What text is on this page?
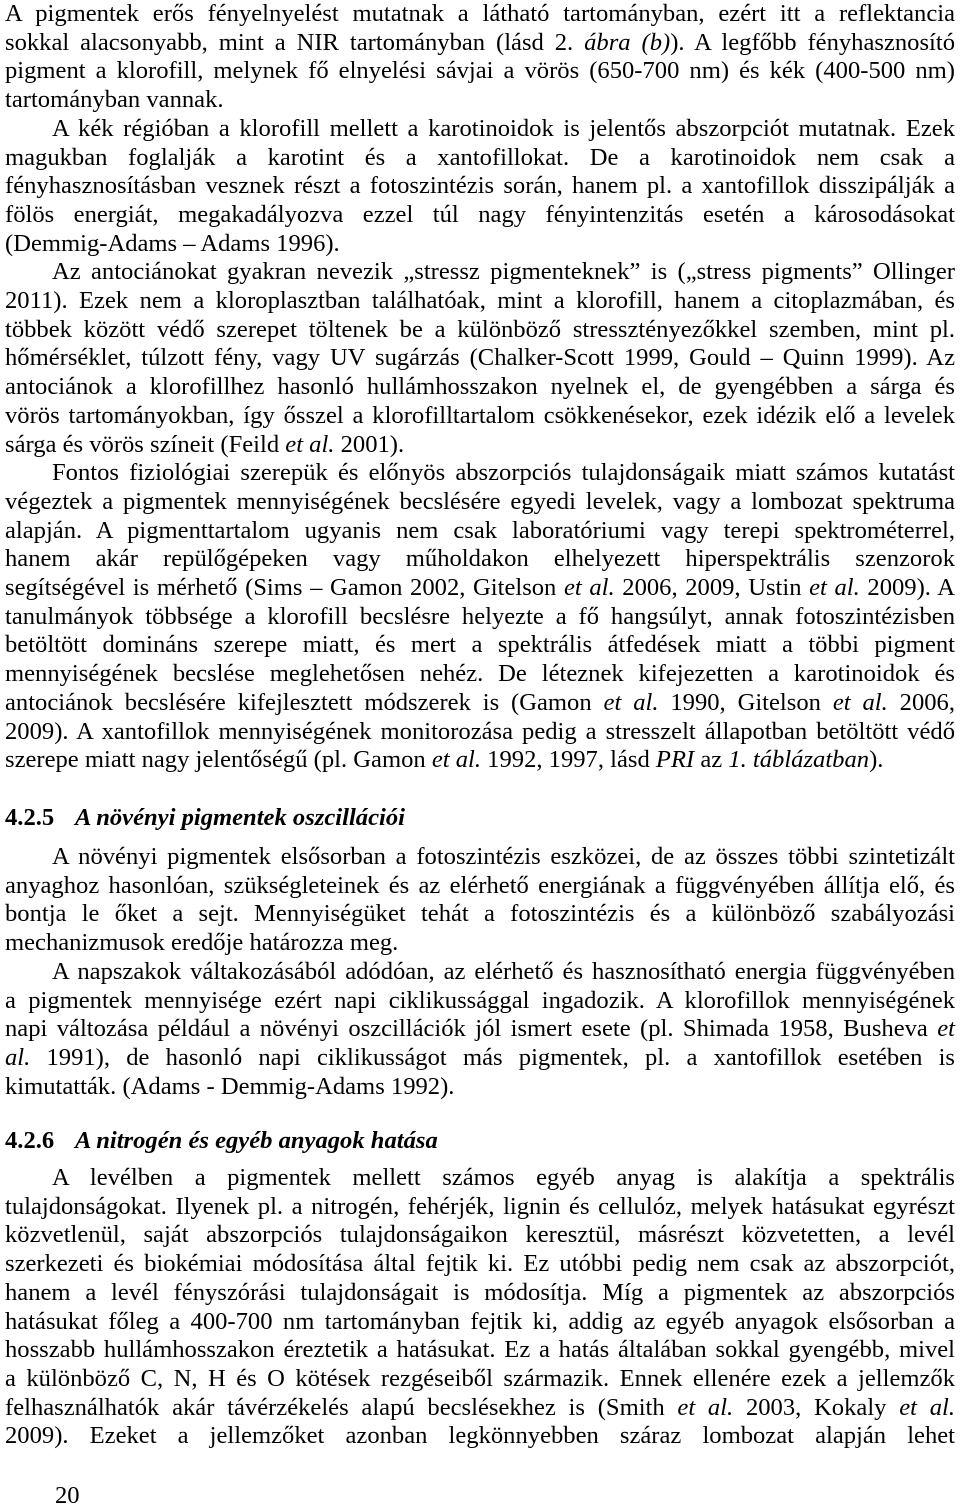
A pigmentek erős fényelnyelést mutatnak a látható tartományban, ezért itt a reflektancia
sokkal alacsonyabb, mint a NIR tartományban (lásd 2. ábra (b)). A legfőbb fényhasznosító
pigment a klorofill, melynek fő elnyelési sávjai a vörös (650-700 nm) és kék (400-500 nm)
tartományban vannak.
A kék régióban a klorofill mellett a karotinoidok is jelentős abszorpciót mutatnak. Ezek
magukban foglalják a karotint és a xantofillokat. De a karotinoidok nem csak a
fényhasznosításban vesznek részt a fotoszintézis során, hanem pl. a xantofillok disszipálják a
fölös energiát, megakadályozva ezzel túl nagy fényintenzitás esetén a károsodásokat
(Demmig-Adams – Adams 1996).
Az antociánokat gyakran nevezik „stressz pigmenteknek” is („stress pigments” Ollinger
2011). Ezek nem a kloroplasztban találhatóak, mint a klorofill, hanem a citoplazmában, és
többek között védő szerepet töltenek be a különböző stressztényezőkkel szemben, mint pl.
hőmérséklet, túlzott fény, vagy UV sugárzás (Chalker-Scott 1999, Gould – Quinn 1999). Az
antociánok a klorofillhez hasonló hullámhosszakon nyelnek el, de gyengébben a sárga és
vörös tartományokban, így ősszel a klorofilltartalom csökkenésekor, ezek idézik elő a levelek
sárga és vörös színeit (Feild et al. 2001).
Fontos fiziológiai szerepük és előnyös abszorpciós tulajdonságaik miatt számos kutatást
végeztek a pigmentek mennyiségének becslésére egyedi levelek, vagy a lombozat spektruma
alapján. A pigmenttartalom ugyanis nem csak laboratóriumi vagy terepi spektrométerrel,
hanem akár repülőgépeken vagy műholdakon elhelyezett hiperspektrális szenzorok
segítségével is mérhető (Sims – Gamon 2002, Gitelson et al. 2006, 2009, Ustin et al. 2009). A
tanulmányok többsége a klorofill becslésre helyezte a fő hangsúlyt, annak fotoszintézisben
betöltött domináns szerepe miatt, és mert a spektrális átfedések miatt a többi pigment
mennyiségének becslése meglehetősen nehéz. De léteznek kifejezetten a karotinoidok és
antociánok becslésére kifejlesztett módszerek is (Gamon et al. 1990, Gitelson et al. 2006,
2009). A xantofillok mennyiségének monitorozása pedig a stresszelt állapotban betöltött védő
szerepe miatt nagy jelentőségű (pl. Gamon et al. 1992, 1997, lásd PRI az 1. táblázatban).
4.2.5 A növényi pigmentek oszcillációi
A növényi pigmentek elsősorban a fotoszintézis eszközei, de az összes többi szintetizált
anyaghoz hasonlóan, szükségleteinek és az elérhető energiának a függvényében állítja elő, és
bontja le őket a sejt. Mennyiségüket tehát a fotoszintézis és a különböző szabályozási
mechanizmusok eredője határozza meg.
A napszakok váltakozásából adódóan, az elérhető és hasznosítható energia függvényében
a pigmentek mennyisége ezért napi ciklikussággal ingadozik. A klorofillok mennyiségének
napi változása például a növényi oszcillációk jól ismert esete (pl. Shimada 1958, Busheva et
al. 1991), de hasonló napi ciklikusságot más pigmentek, pl. a xantofillok esetében is
kimutatták. (Adams - Demmig-Adams 1992).
4.2.6 A nitrogén és egyéb anyagok hatása
A levélben a pigmentek mellett számos egyéb anyag is alakítja a spektrális
tulajdonságokat. Ilyenek pl. a nitrogén, fehérjék, lignin és cellulóz, melyek hatásukat egyrészt
közvetlenül, saját abszorpciós tulajdonságaikon keresztül, másrészt közvetetten, a levél
szerkezeti és biokémiai módosítása által fejtik ki. Ez utóbbi pedig nem csak az abszorpciót,
hanem a levél fényszórási tulajdonságait is módosítja. Míg a pigmentek az abszorpciós
hatásukat főleg a 400-700 nm tartományban fejtik ki, addig az egyéb anyagok elsősorban a
hosszabb hullámhosszakon éreztetik a hatásukat. Ez a hatás általában sokkal gyengébb, mivel
a különböző C, N, H és O kötések rezgéseiből származik. Ennek ellenére ezek a jellemzők
felhasználhatók akár távérzékelés alapú becslésekhez is (Smith et al. 2003, Kokaly et al.
2009). Ezeket a jellemzőket azonban legkönnyebben száraz lombozat alapján lehet
20
